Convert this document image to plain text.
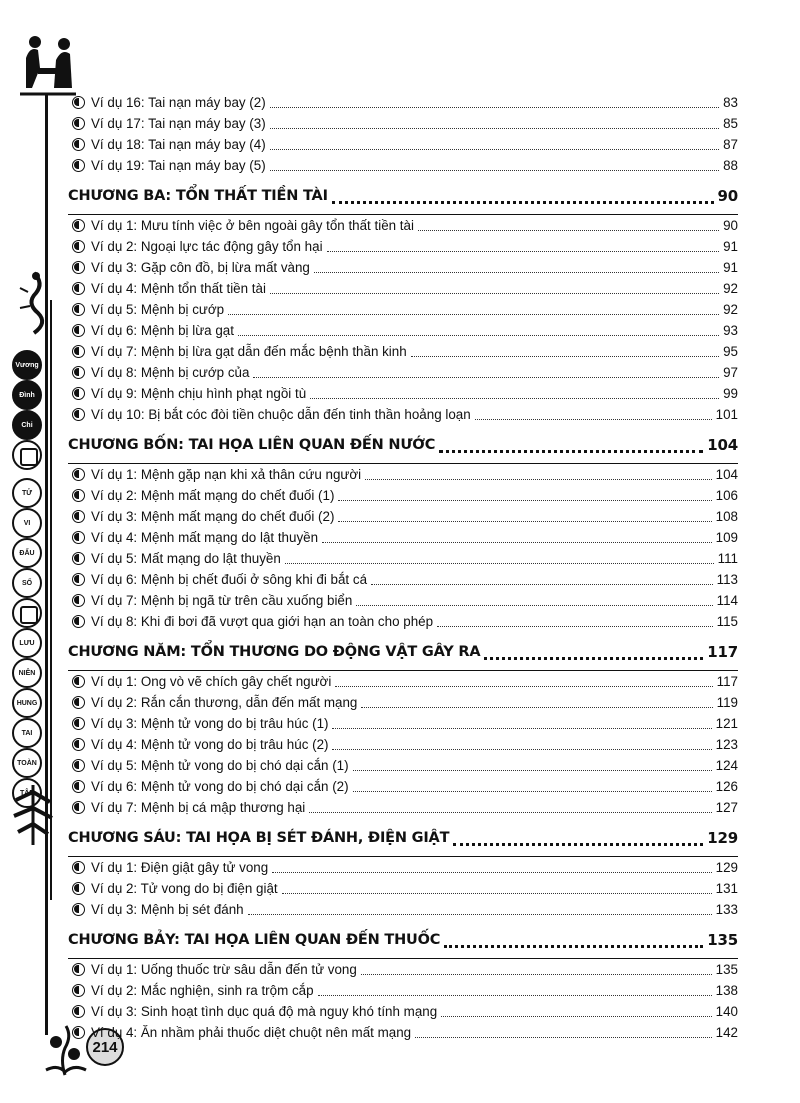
Vương
Đình
Chi
TỬ
VI
ĐẨU
SỐ
LƯU
NIÊN
HUNG
TAI
TOÀN
TẬP
214
Ví dụ 16: Tai nạn máy bay (2)	83
Ví dụ 17: Tai nạn máy bay (3)	85
Ví dụ 18: Tai nạn máy bay (4)	87
Ví dụ 19: Tai nạn máy bay (5)	88
CHƯƠNG BA: TỔN THẤT TIỀN TÀI	90
Ví dụ 1: Mưu tính việc ở bên ngoài gây tổn thất tiền tài	90
Ví dụ 2: Ngoại lực tác động gây tổn hại	91
Ví dụ 3: Gặp côn đồ, bị lừa mất vàng	91
Ví dụ 4: Mệnh tổn thất tiền tài	92
Ví dụ 5: Mệnh bị cướp	92
Ví dụ 6: Mệnh bị lừa gạt	93
Ví dụ 7: Mệnh bị lừa gạt dẫn đến mắc bệnh thần kinh	95
Ví dụ 8: Mệnh bị cướp của	97
Ví dụ 9: Mệnh chịu hình phạt ngồi tù	99
Ví dụ 10: Bị bắt cóc đòi tiền chuộc dẫn đến tinh thần hoảng loạn	101
CHƯƠNG BỐN: TAI HỌA LIÊN QUAN ĐẾN NƯỚC	104
Ví dụ 1: Mệnh gặp nạn khi xả thân cứu người	104
Ví dụ 2: Mệnh mất mạng do chết đuối (1)	106
Ví dụ 3: Mệnh mất mạng do chết đuối (2)	108
Ví dụ 4: Mệnh mất mạng do lật thuyền	109
Ví dụ 5: Mất mạng do lật thuyền	111
Ví dụ 6: Mệnh bị chết đuối ở sông khi đi bắt cá	113
Ví dụ 7: Mệnh bị ngã từ trên cầu xuống biển	114
Ví dụ 8: Khi đi bơi đã vượt qua giới hạn an toàn cho phép	115
CHƯƠNG NĂM: TỔN THƯƠNG DO ĐỘNG VẬT GÂY RA	117
Ví dụ 1: Ong vò vẽ chích gây chết người	117
Ví dụ 2: Rắn cắn thương, dẫn đến mất mạng	119
Ví dụ 3: Mệnh tử vong do bị trâu húc (1)	121
Ví dụ 4: Mệnh tử vong do bị trâu húc (2)	123
Ví dụ 5: Mệnh tử vong do bị chó dại cắn (1)	124
Ví dụ 6: Mệnh tử vong do bị chó dại cắn (2)	126
Ví dụ 7: Mệnh bị cá mập thương hại	127
CHƯƠNG SÁU: TAI HỌA BỊ SÉT ĐÁNH, ĐIỆN GIẬT	129
Ví dụ 1: Điện giật gây tử vong	129
Ví dụ 2: Tử vong do bị điện giật	131
Ví dụ 3: Mệnh bị sét đánh	133
CHƯƠNG BẢY: TAI HỌA LIÊN QUAN ĐẾN THUỐC	135
Ví dụ 1: Uống thuốc trừ sâu dẫn đến tử vong	135
Ví dụ 2: Mắc nghiện, sinh ra trộm cắp	138
Ví dụ 3: Sinh hoạt tình dục quá độ mà nguy khó tính mạng	140
Ví dụ 4: Ăn nhầm phải thuốc diệt chuột nên mất mạng	142
